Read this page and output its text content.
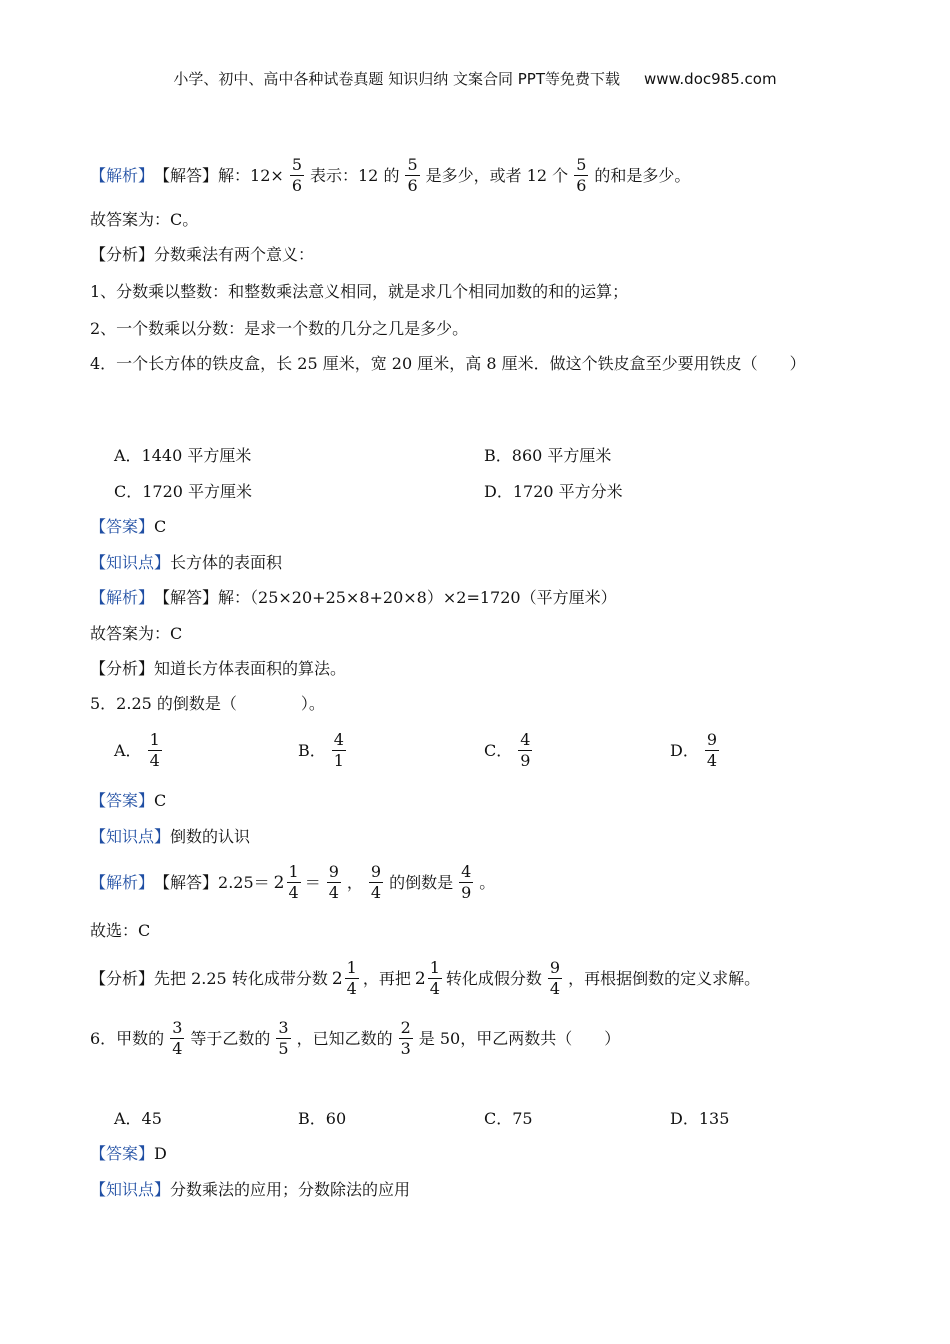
小学、初中、高中各种试卷真题 知识归纳 文案合同 PPT等免费下载 www.doc985.com
【解析】 【解答】 解：$12\times \frac{5}{6}$ 表示：12 的 $\frac{5}{6}$ 是多少，或者 12 个 $\frac{5}{6}$ 的和是多少。
故答案为：C。
【分析】 分数乘法有两个意义：
1、分数乘以整数：和整数乘法意义相同，就是求几个相同加数的和的运算；
2、一个数乘以分数：是求一个数的几分之几是多少。
4．一个长方体的铁皮盒，长 25 厘米，宽 20 厘米，高 8 厘米．做这个铁皮盒至少要用铁皮（　　）
A．1440 平方厘米	B．860 平方厘米
C．1720 平方厘米	D．1720 平方分米
【答案】 C
【知识点】 长方体的表面积
【解析】 【解答】 解：（25×20+25×8+20×8）×2=1720（平方厘米）
故答案为：C
【分析】 知道长方体表面积的算法。
5．2.25 的倒数是（　　　　）。
A． $\frac{1}{4}$	B． $\frac{4}{1}$	C． $\frac{4}{9}$	D． $\frac{9}{4}$
【答案】 C
【知识点】 倒数的认识
【解析】 【解答】 $2.25= 2 \frac{1}{4} = \frac{9}{4}$ ， $\frac{9}{4}$ 的倒数是 $\frac{4}{9}$ 。
故选：C
【分析】 先把 2.25 转化成带分数 $2 \frac{1}{4}$ ，再把 $2 \frac{1}{4}$ 转化成假分数 $\frac{9}{4}$ ，再根据倒数的定义求解。
6．甲数的 $\frac{3}{4}$ 等于乙数的 $\frac{3}{5}$ ，已知乙数的 $\frac{2}{3}$ 是 50，甲乙两数共（　　）
A．45	B．60	C．75	D．135
【答案】 D
【知识点】 分数乘法的应用；分数除法的应用
